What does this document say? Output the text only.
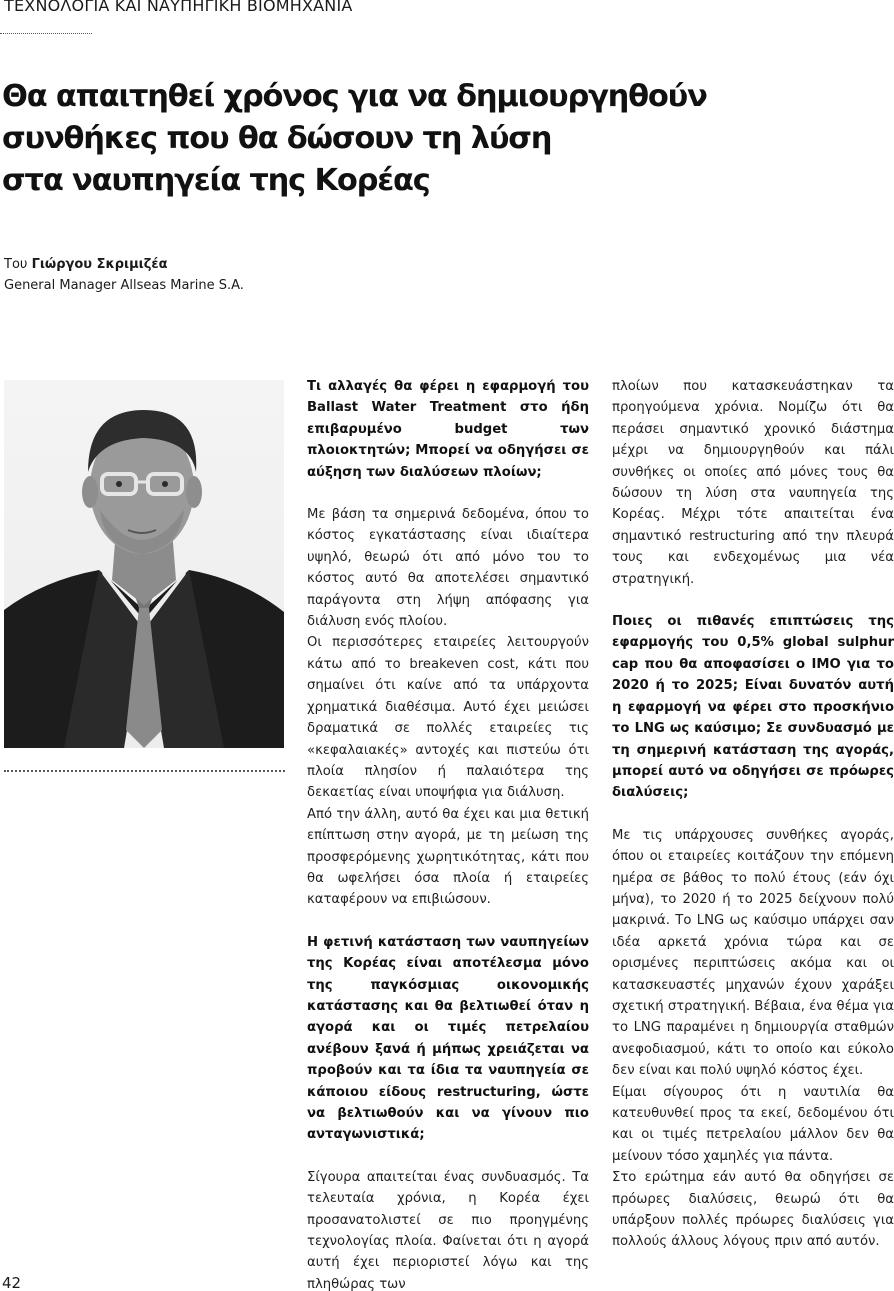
ΤΕΧΝΟΛΟΓΙΑ ΚΑΙ ΝΑΥΠΗΓΙΚΗ ΒΙΟΜΗΧΑΝΙΑ
Θα απαιτηθεί χρόνος για να δημιουργηθούν
συνθήκες που θα δώσουν τη λύση
στα ναυπηγεία της Κορέας
Του Γιώργου Σκριμιζέα
General Manager Allseas Marine S.A.

Τι αλλαγές θα φέρει η εφαρμογή του Ballast Water Treatment στο ήδη επιβαρυμένο budget των πλοιοκτητών; Μπορεί να οδηγήσει σε αύξηση των διαλύσεων πλοίων;

Με βάση τα σημερινά δεδομένα, όπου το κόστος εγκατάστασης είναι ιδιαίτερα υψηλό, θεωρώ ότι από μόνο του το κόστος αυτό θα αποτελέσει σημαντικό παράγοντα στη λήψη απόφασης για διάλυση ενός πλοίου.

Οι περισσότερες εταιρείες λειτουργούν κάτω από το breakeven cost, κάτι που σημαίνει ότι καίνε από τα υπάρχοντα χρηματικά διαθέσιμα. Αυτό έχει μειώσει δραματικά σε πολλές εταιρείες τις «κεφαλαιακές» αντοχές και πιστεύω ότι πλοία πλησίον ή παλαιότερα της δεκαετίας είναι υποψήφια για διάλυση.

Από την άλλη, αυτό θα έχει και μια θετική επίπτωση στην αγορά, με τη μείωση της προσφερόμενης χωρητικότητας, κάτι που θα ωφελήσει όσα πλοία ή εταιρείες καταφέρουν να επιβιώσουν.

Η φετινή κατάσταση των ναυπηγείων της Κορέας είναι αποτέλεσμα μόνο της παγκόσμιας οικονομικής κατάστασης και θα βελτιωθεί όταν η αγορά και οι τιμές πετρελαίου ανέβουν ξανά ή μήπως χρειάζεται να προβούν και τα ίδια τα ναυπηγεία σε κάποιου είδους restructuring, ώστε να βελτιωθούν και να γίνουν πιο ανταγωνιστικά;

Σίγουρα απαιτείται ένας συνδυασμός. Τα τελευταία χρόνια, η Κορέα έχει προσανατολιστεί σε πιο προηγμένης τεχνολογίας πλοία. Φαίνεται ότι η αγορά αυτή έχει περιοριστεί λόγω και της πληθώρας των

πλοίων που κατασκευάστηκαν τα προηγούμενα χρόνια. Νομίζω ότι θα περάσει σημαντικό χρονικό διάστημα μέχρι να δημιουργηθούν και πάλι συνθήκες οι οποίες από μόνες τους θα δώσουν τη λύση στα ναυπηγεία της Κορέας. Μέχρι τότε απαιτείται ένα σημαντικό restructuring από την πλευρά τους και ενδεχομένως μια νέα στρατηγική.

Ποιες οι πιθανές επιπτώσεις της εφαρμογής του 0,5% global sulphur cap που θα αποφασίσει ο IMO για το 2020 ή το 2025; Είναι δυνατόν αυτή η εφαρμογή να φέρει στο προσκήνιο το LNG ως καύσιμο; Σε συνδυασμό με τη σημερινή κατάσταση της αγοράς, μπορεί αυτό να οδηγήσει σε πρόωρες διαλύσεις;

Με τις υπάρχουσες συνθήκες αγοράς, όπου οι εταιρείες κοιτάζουν την επόμενη ημέρα σε βάθος το πολύ έτους (εάν όχι μήνα), το 2020 ή το 2025 δείχνουν πολύ μακρινά. Το LNG ως καύσιμο υπάρχει σαν ιδέα αρκετά χρόνια τώρα και σε ορισμένες περιπτώσεις ακόμα και οι κατασκευαστές μηχανών έχουν χαράξει σχετική στρατηγική. Βέβαια, ένα θέμα για το LNG παραμένει η δημιουργία σταθμών ανεφοδιασμού, κάτι το οποίο και εύκολο δεν είναι και πολύ υψηλό κόστος έχει.

Είμαι σίγουρος ότι η ναυτιλία θα κατευθυνθεί προς τα εκεί, δεδομένου ότι και οι τιμές πετρελαίου μάλλον δεν θα μείνουν τόσο χαμηλές για πάντα.

Στο ερώτημα εάν αυτό θα οδηγήσει σε πρόωρες διαλύσεις, θεωρώ ότι θα υπάρξουν πολλές πρόωρες διαλύσεις για πολλούς άλλους λόγους πριν από αυτόν.

42
